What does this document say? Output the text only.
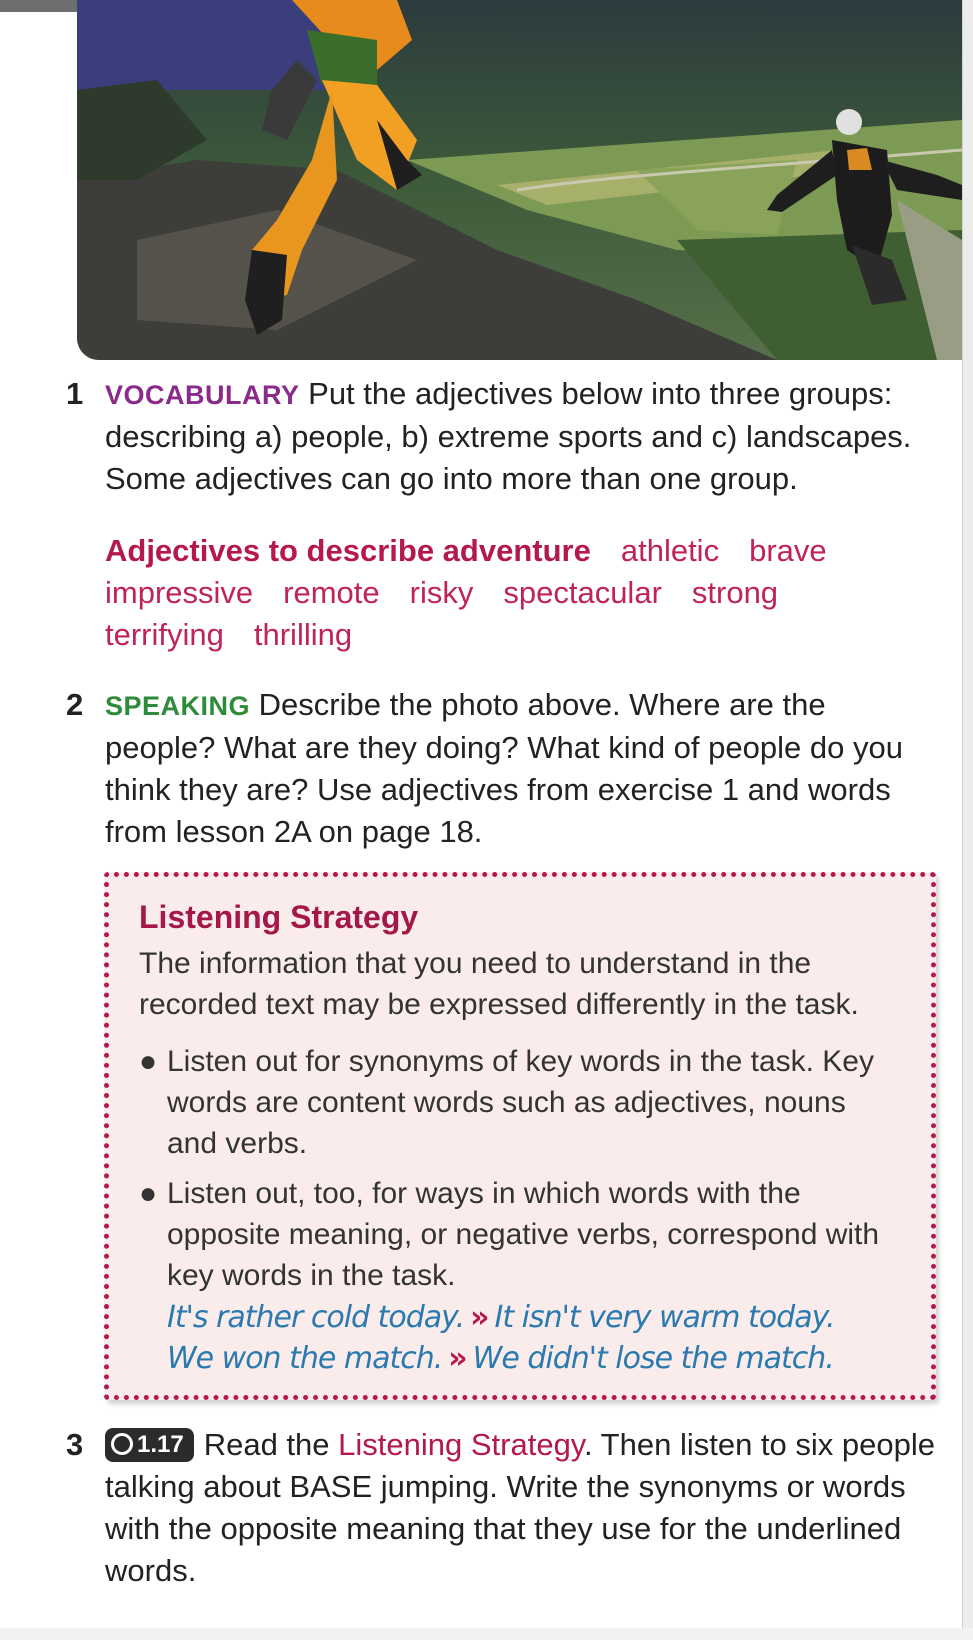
1 VOCABULARY Put the adjectives below into three groups: describing a) people, b) extreme sports and c) landscapes. Some adjectives can go into more than one group.
Adjectives to describe adventure athletic brave
impressive remote risky spectacular strong
terrifying thrilling
2 SPEAKING Describe the photo above. Where are the people? What are they doing? What kind of people do you think they are? Use adjectives from exercise 1 and words from lesson 2A on page 18.
Listening Strategy
The information that you need to understand in the recorded text may be expressed differently in the task.
● Listen out for synonyms of key words in the task. Key words are content words such as adjectives, nouns and verbs.
● Listen out, too, for ways in which words with the opposite meaning, or negative verbs, correspond with key words in the task.
It's rather cold today. » It isn't very warm today.
We won the match. » We didn't lose the match.
3	1.17 Read the Listening Strategy. Then listen to six people talking about BASE jumping. Write the synonyms or words with the opposite meaning that they use for the underlined words.
